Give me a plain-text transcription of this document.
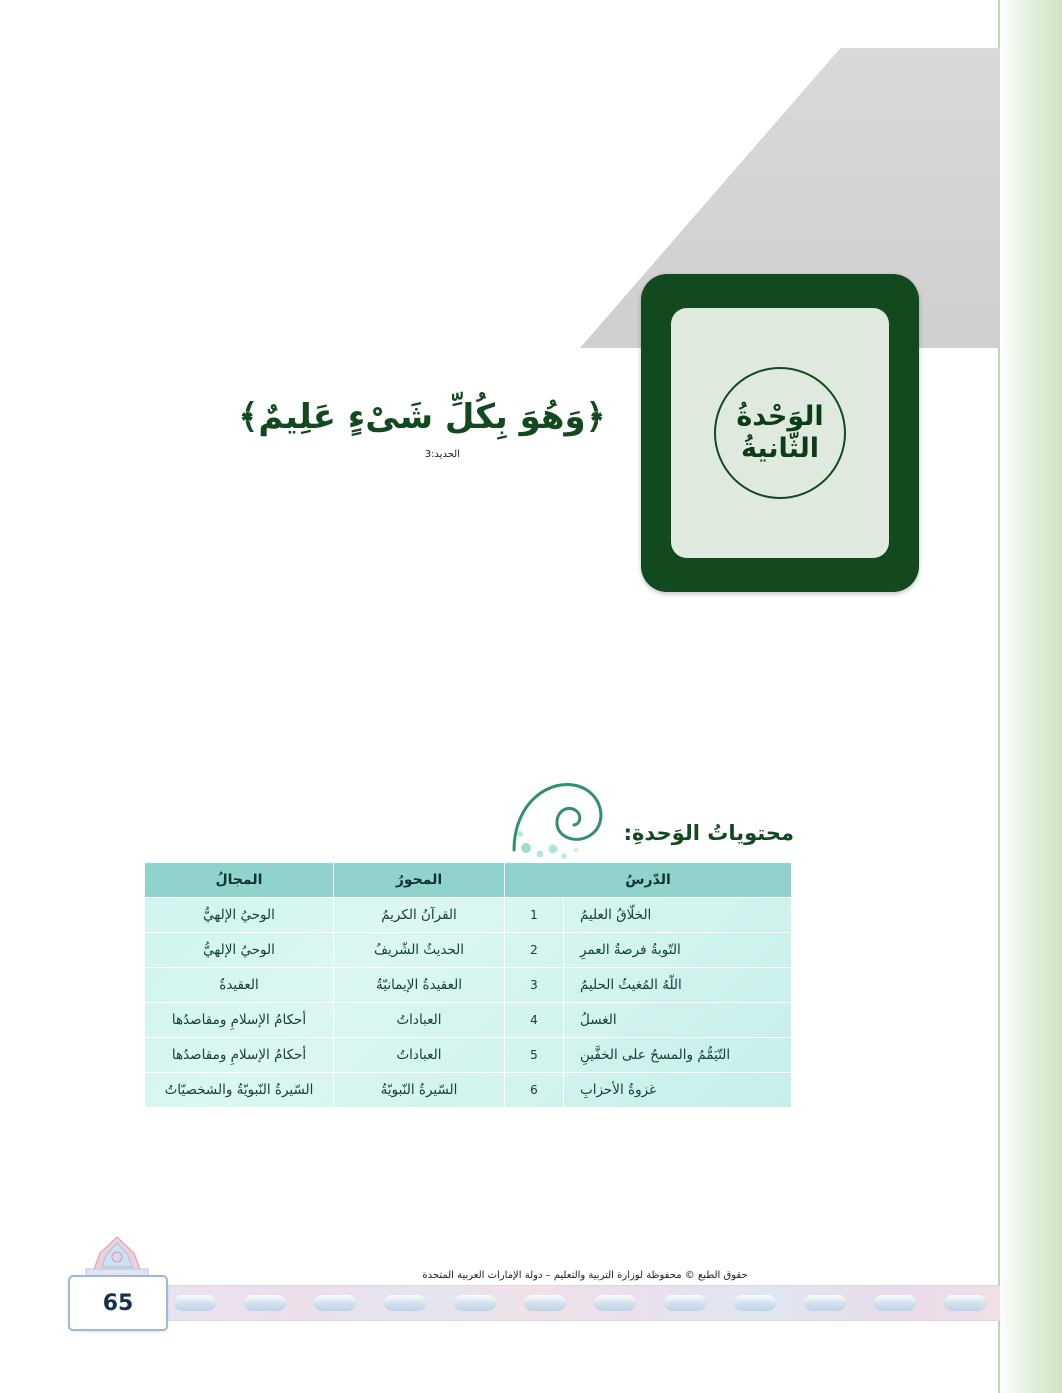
الوَحْدةُ
الثّانيةُ
﴿وَهُوَ بِكُلِّ شَىْءٍ عَلِيمٌ﴾
الحديد:3
محتوياتُ الوَحدةِ:
الدّرسُ		المحورُ	المجالُ
الخلّاقُ العليمُ	1	القرآنُ الكريمُ	الوحيُ الإلهيُّ
التّوبةُ فرصةُ العمرِ	2	الحديثُ الشّريفُ	الوحيُ الإلهيُّ
اللّهُ المُغيثُ الحليمُ	3	العقيدةُ الإيمانيّةُ	العقيدةُ
الغسلُ	4	العباداتُ	أحكامُ الإسلامِ ومقاصدُها
التّيَمُّمُ والمسحُ على الخفَّينِ	5	العباداتُ	أحكامُ الإسلامِ ومقاصدُها
غزوةُ الأحزابِ	6	السّيرةُ النّبويّةُ	السّيرةُ النّبويّةُ والشخصيّاتُ
حقوق الطبع © محفوظة لوزارة التربية والتعليم – دولة الإمارات العربية المتحدة
65
